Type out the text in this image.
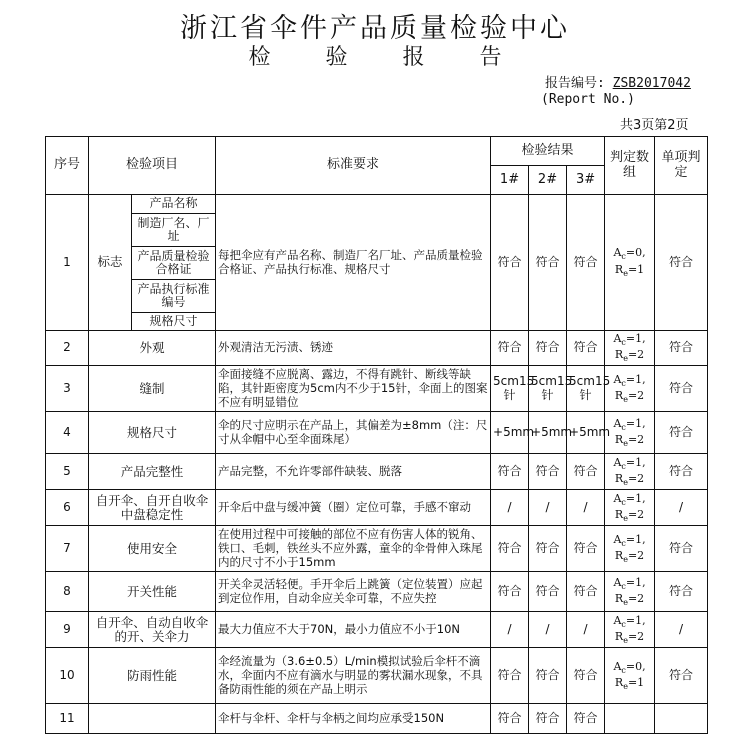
浙江省伞件产品质量检验中心
检 验 报 告
报告编号: ZSB2017042
(Report No.)
共3页第2页
序号	检验项目		标准要求	检验结果			判定数组	单项判定
				1#	2#	3#		
1	标志	产品名称	每把伞应有产品名称、制造厂名厂址、产品质量检验合格证、产品执行标准、规格尺寸	符合	符合	符合	$A_c=0$,
$R_e=1$	符合
		制造厂名、厂址						
		产品质量检验合格证						
		产品执行标准编号						
		规格尺寸						
2	外观		外观清洁无污渍、锈迹	符合	符合	符合	$A_c=1$,
$R_e=2$	符合
3	缝制		伞面接缝不应脱离、露边，不得有跳针、断线等缺陷，其针距密度为5cm内不少于15针，伞面上的图案不应有明显错位	5cm15针	5cm15针	5cm15针	$A_c=1$,
$R_e=2$	符合
4	规格尺寸		伞的尺寸应明示在产品上，其偏差为±8mm（注：尺寸从伞帽中心至伞面珠尾）	+5mm	+5mm	+5mm	$A_c=1$,
$R_e=2$	符合
5	产品完整性		产品完整，不允许零部件缺装、脱落	符合	符合	符合	$A_c=1$,
$R_e=2$	符合
6	自开伞、自开自收伞中盘稳定性		开伞后中盘与缓冲簧（圈）定位可靠，手感不窜动	/	/	/	$A_c=1$,
$R_e=2$	/
7	使用安全		在使用过程中可接触的部位不应有伤害人体的锐角、铁口、毛刺，铁丝头不应外露，童伞的伞骨伸入珠尾内的尺寸不小于15mm	符合	符合	符合	$A_c=1$,
$R_e=2$	符合
8	开关性能		开关伞灵活轻便。手开伞后上跳簧（定位装置）应起到定位作用，自动伞应关伞可靠，不应失控	符合	符合	符合	$A_c=1$,
$R_e=2$	符合
9	自开伞、自动自收伞的开、关伞力		最大力值应不大于70N，最小力值应不小于10N	/	/	/	$A_c=1$,
$R_e=2$	/
10	防雨性能		伞经流量为（3.6±0.5）L/min模拟试验后伞杆不滴水，伞面内不应有滴水与明显的雾状漏水现象，不具备防雨性能的须在产品上明示	符合	符合	符合	$A_c=0$,
$R_e=1$	符合
11			伞杆与伞杆、伞杆与伞柄之间均应承受150N	符合	符合	符合		
